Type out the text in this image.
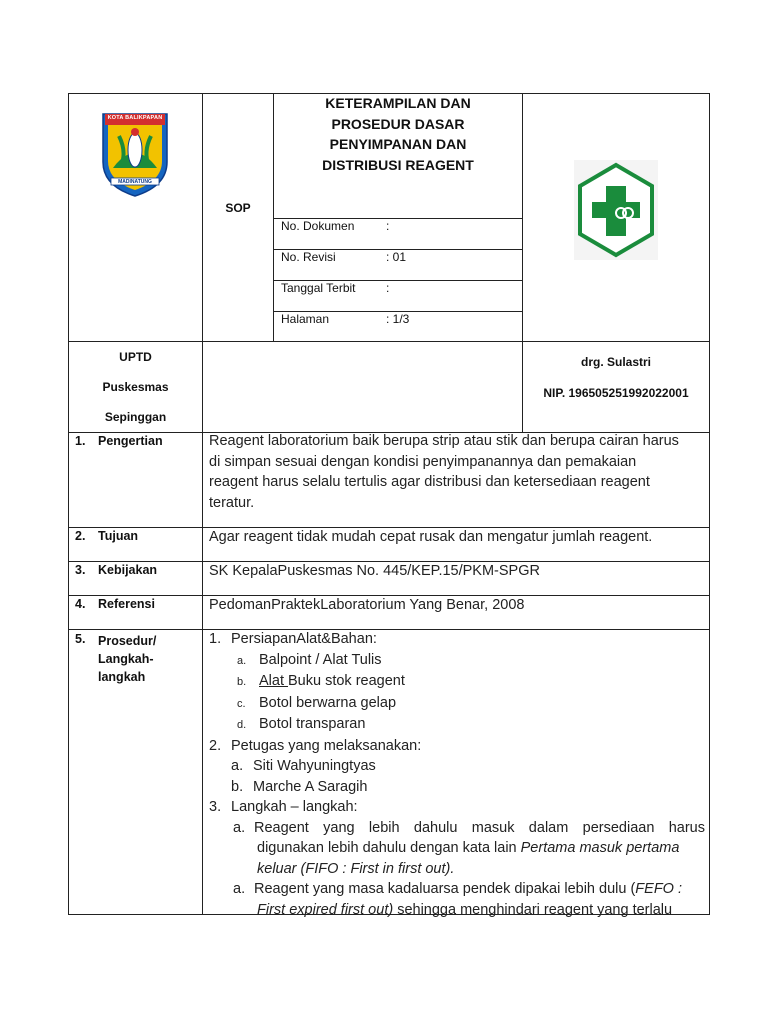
KOTA BALIKPAPAN
MADINATUNG
SOP
KETERAMPILAN DAN
PROSEDUR DASAR
PENYIMPANAN DAN
DISTRIBUSI REAGENT
No. Dokumen	:
No. Revisi	: 01
Tanggal Terbit	:
Halaman	: 1/3
UPTD
Puskesmas
Sepinggan
drg. Sulastri
NIP. 196505251992022001
1. Pengertian	Reagent laboratorium baik berupa strip atau stik dan berupa cairan harus
di simpan sesuai dengan kondisi penyimpanannya dan pemakaian
reagent harus selalu tertulis agar distribusi dan ketersediaan reagent
teratur.
2. Tujuan	Agar reagent tidak mudah cepat rusak dan mengatur jumlah reagent.
3. Kebijakan	SK KepalaPuskesmas No. 445/KEP.15/PKM-SPGR
4. Referensi	PedomanPraktekLaboratorium Yang Benar, 2008
5. Prosedur/
Langkah-
langkah
1. PersiapanAlat&Bahan:
a. Balpoint / Alat Tulis
b. Alat Buku stok reagent
c. Botol berwarna gelap
d. Botol transparan
2. Petugas yang melaksanakan:
a. Siti Wahyuningtyas
b. Marche A Saragih
3. Langkah – langkah:
a. Reagent yang lebih dahulu masuk dalam persediaan harus
digunakan lebih dahulu dengan kata lain Pertama masuk pertama
keluar (FIFO : First in first out).
a. Reagent yang masa kadaluarsa pendek dipakai lebih dulu (FEFO :
First expired first out) sehingga menghindari reagent yang terlalu
